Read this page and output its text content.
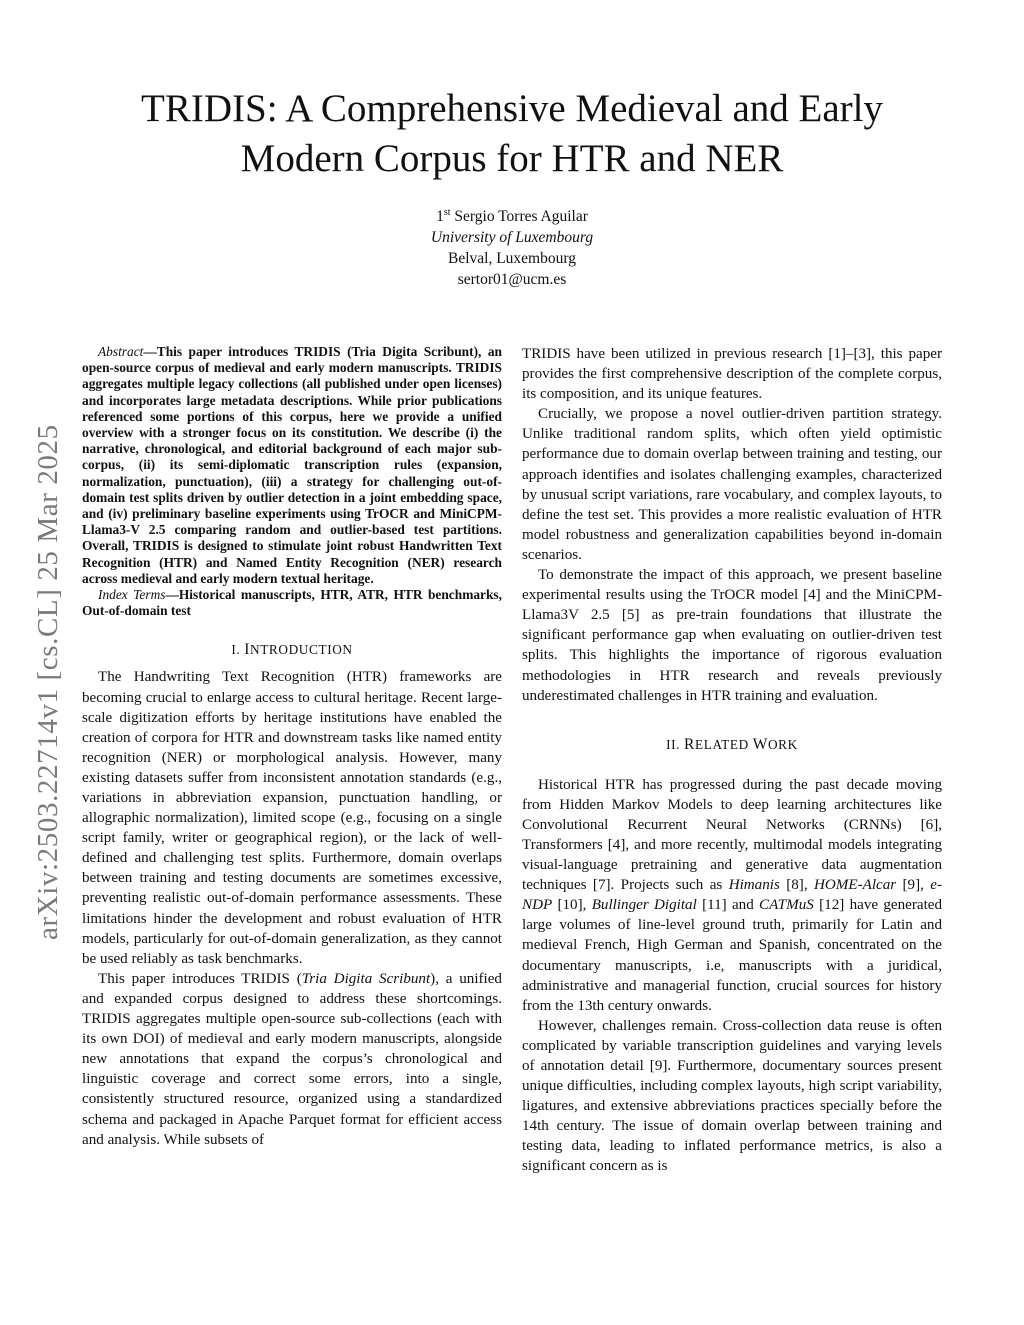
arXiv:2503.22714v1 [cs.CL] 25 Mar 2025
TRIDIS: A Comprehensive Medieval and Early
Modern Corpus for HTR and NER
1st Sergio Torres Aguilar
University of Luxembourg
Belval, Luxembourg
sertor01@ucm.es

Abstract—This paper introduces TRIDIS (Tria Digita Scribunt), an open-source corpus of medieval and early modern manuscripts. TRIDIS aggregates multiple legacy collections (all published under open licenses) and incorporates large metadata descriptions. While prior publications referenced some portions of this corpus, here we provide a unified overview with a stronger focus on its constitution. We describe (i) the narrative, chronological, and editorial background of each major sub-corpus, (ii) its semi-diplomatic transcription rules (expansion, normalization, punctuation), (iii) a strategy for challenging out-of-domain test splits driven by outlier detection in a joint embedding space, and (iv) preliminary baseline experiments using TrOCR and MiniCPM-Llama3-V 2.5 comparing random and outlier-based test partitions. Overall, TRIDIS is designed to stimulate joint robust Handwritten Text Recognition (HTR) and Named Entity Recognition (NER) research across medieval and early modern textual heritage.

Index Terms—Historical manuscripts, HTR, ATR, HTR benchmarks, Out-of-domain test

I. INTRODUCTION

The Handwriting Text Recognition (HTR) frameworks are becoming crucial to enlarge access to cultural heritage. Recent large-scale digitization efforts by heritage institutions have enabled the creation of corpora for HTR and downstream tasks like named entity recognition (NER) or morphological analysis. However, many existing datasets suffer from inconsistent annotation standards (e.g., variations in abbreviation expansion, punctuation handling, or allographic normalization), limited scope (e.g., focusing on a single script family, writer or geographical region), or the lack of well-defined and challenging test splits. Furthermore, domain overlaps between training and testing documents are sometimes excessive, preventing realistic out-of-domain performance assessments. These limitations hinder the development and robust evaluation of HTR models, particularly for out-of-domain generalization, as they cannot be used reliably as task benchmarks.

This paper introduces TRIDIS (Tria Digita Scribunt), a unified and expanded corpus designed to address these shortcomings. TRIDIS aggregates multiple open-source sub-collections (each with its own DOI) of medieval and early modern manuscripts, alongside new annotations that expand the corpus’s chronological and linguistic coverage and correct some errors, into a single, consistently structured resource, organized using a standardized schema and packaged in Apache Parquet format for efficient access and analysis. While subsets of

TRIDIS have been utilized in previous research [1]–[3], this paper provides the first comprehensive description of the complete corpus, its composition, and its unique features.

Crucially, we propose a novel outlier-driven partition strategy. Unlike traditional random splits, which often yield optimistic performance due to domain overlap between training and testing, our approach identifies and isolates challenging examples, characterized by unusual script variations, rare vocabulary, and complex layouts, to define the test set. This provides a more realistic evaluation of HTR model robustness and generalization capabilities beyond in-domain scenarios.

To demonstrate the impact of this approach, we present baseline experimental results using the TrOCR model [4] and the MiniCPM-Llama3V 2.5 [5] as pre-train foundations that illustrate the significant performance gap when evaluating on outlier-driven test splits. This highlights the importance of rigorous evaluation methodologies in HTR research and reveals previously underestimated challenges in HTR training and evaluation.

II. RELATED WORK

Historical HTR has progressed during the past decade moving from Hidden Markov Models to deep learning architectures like Convolutional Recurrent Neural Networks (CRNNs) [6], Transformers [4], and more recently, multimodal models integrating visual-language pretraining and generative data augmentation techniques [7]. Projects such as Himanis [8], HOME-Alcar [9], e-NDP [10], Bullinger Digital [11] and CATMuS [12] have generated large volumes of line-level ground truth, primarily for Latin and medieval French, High German and Spanish, concentrated on the documentary manuscripts, i.e, manuscripts with a juridical, administrative and managerial function, crucial sources for history from the 13th century onwards.

However, challenges remain. Cross-collection data reuse is often complicated by variable transcription guidelines and varying levels of annotation detail [9]. Furthermore, documentary sources present unique difficulties, including complex layouts, high script variability, ligatures, and extensive abbreviations practices specially before the 14th century. The issue of domain overlap between training and testing data, leading to inflated performance metrics, is also a significant concern as is
